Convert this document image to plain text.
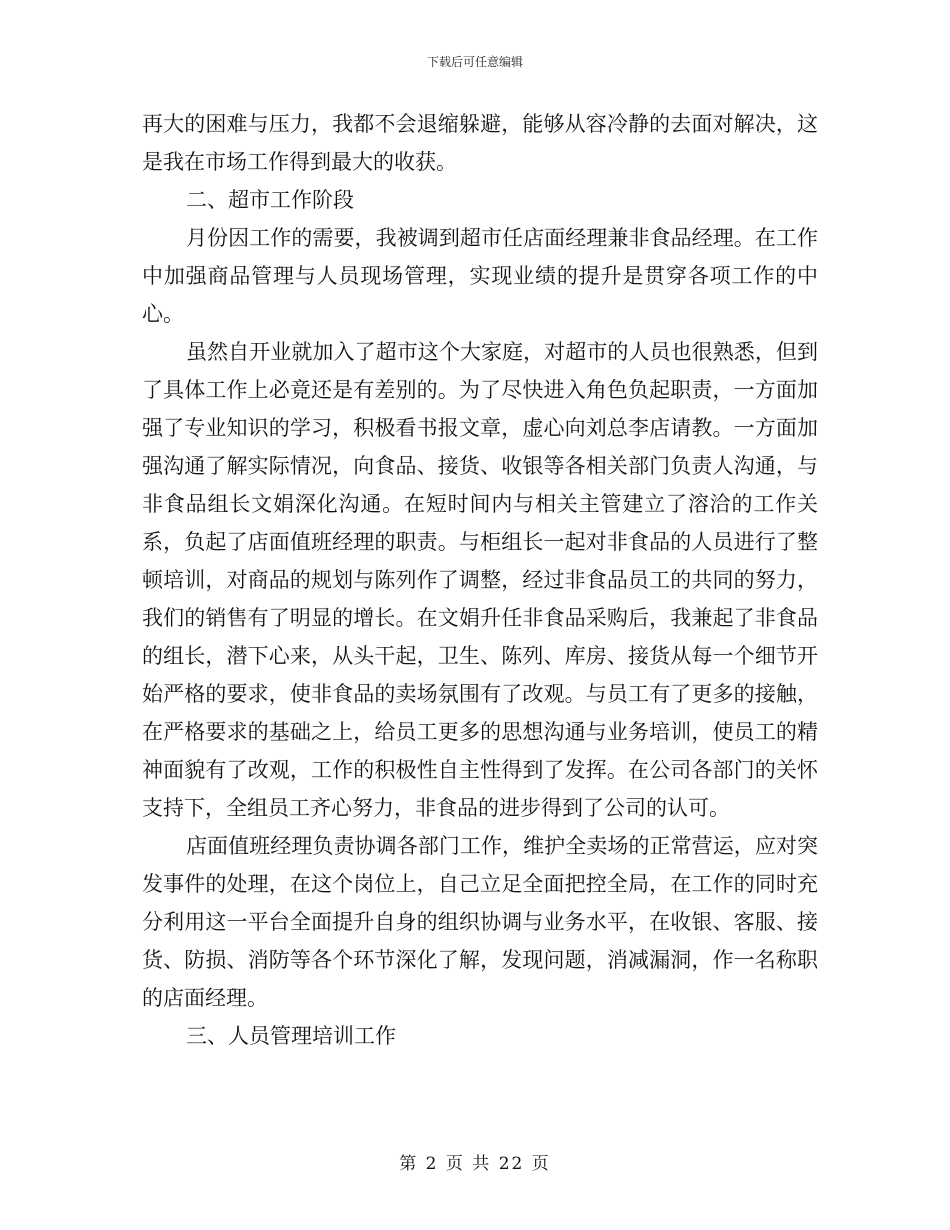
下载后可任意编辑

再大的困难与压力，我都不会退缩躲避，能够从容冷静的去面对解决，这是我在市场工作得到最大的收获。

二、超市工作阶段

月份因工作的需要，我被调到超市任店面经理兼非食品经理。在工作中加强商品管理与人员现场管理，实现业绩的提升是贯穿各项工作的中心。

虽然自开业就加入了超市这个大家庭，对超市的人员也很熟悉，但到了具体工作上必竟还是有差别的。为了尽快进入角色负起职责，一方面加强了专业知识的学习，积极看书报文章，虚心向刘总李店请教。一方面加强沟通了解实际情况，向食品、接货、收银等各相关部门负责人沟通，与非食品组长文娟深化沟通。在短时间内与相关主管建立了溶洽的工作关系，负起了店面值班经理的职责。与柜组长一起对非食品的人员进行了整顿培训，对商品的规划与陈列作了调整，经过非食品员工的共同的努力，我们的销售有了明显的增长。在文娟升任非食品采购后，我兼起了非食品的组长，潜下心来，从头干起，卫生、陈列、库房、接货从每一个细节开始严格的要求，使非食品的卖场氛围有了改观。与员工有了更多的接触，在严格要求的基础之上，给员工更多的思想沟通与业务培训，使员工的精神面貌有了改观，工作的积极性自主性得到了发挥。在公司各部门的关怀支持下，全组员工齐心努力，非食品的进步得到了公司的认可。

店面值班经理负责协调各部门工作，维护全卖场的正常营运，应对突发事件的处理，在这个岗位上，自己立足全面把控全局，在工作的同时充分利用这一平台全面提升自身的组织协调与业务水平，在收银、客服、接货、防损、消防等各个环节深化了解，发现问题，消减漏洞，作一名称职的店面经理。

三、人员管理培训工作

第 2 页 共 22 页
